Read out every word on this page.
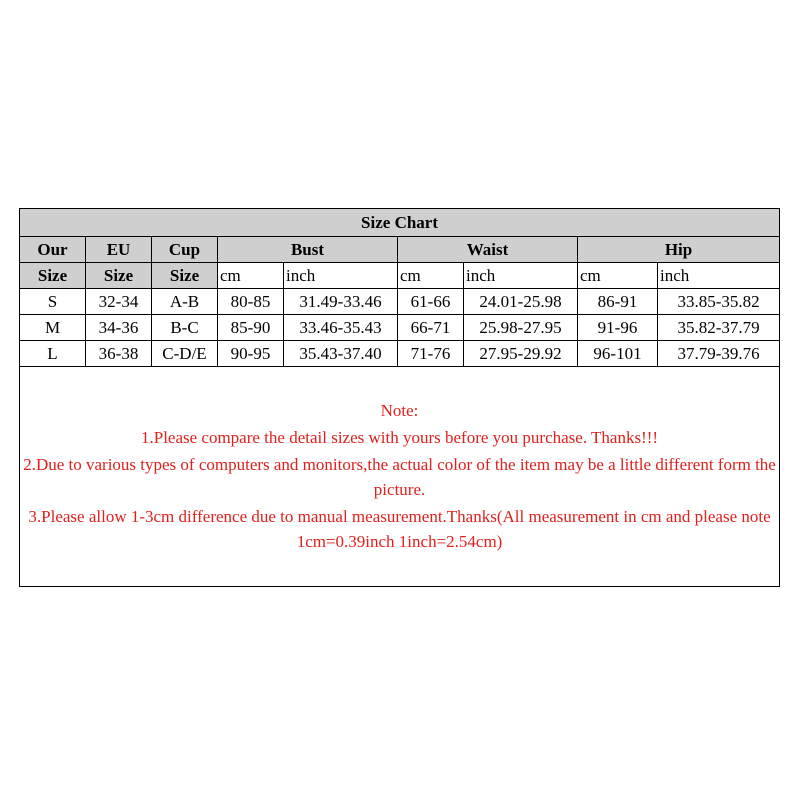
Size Chart								
Our	EU	Cup	Bust		Waist		Hip	
Size	Size	Size	cm	inch	cm	inch	cm	inch
S	32-34	A-B	80-85	31.49-33.46	61-66	24.01-25.98	86-91	33.85-35.82
M	34-36	B-C	85-90	33.46-35.43	66-71	25.98-27.95	91-96	35.82-37.79
L	36-38	C-D/E	90-95	35.43-37.40	71-76	27.95-29.92	96-101	37.79-39.76

Note:
1.Please compare the detail sizes with yours before you purchase. Thanks!!!
2.Due to various types of computers and monitors,the actual color of the item may be a little different form the picture.
3.Please allow 1-3cm difference due to manual measurement.Thanks(All measurement in cm and please note 1cm=0.39inch 1inch=2.54cm)								
